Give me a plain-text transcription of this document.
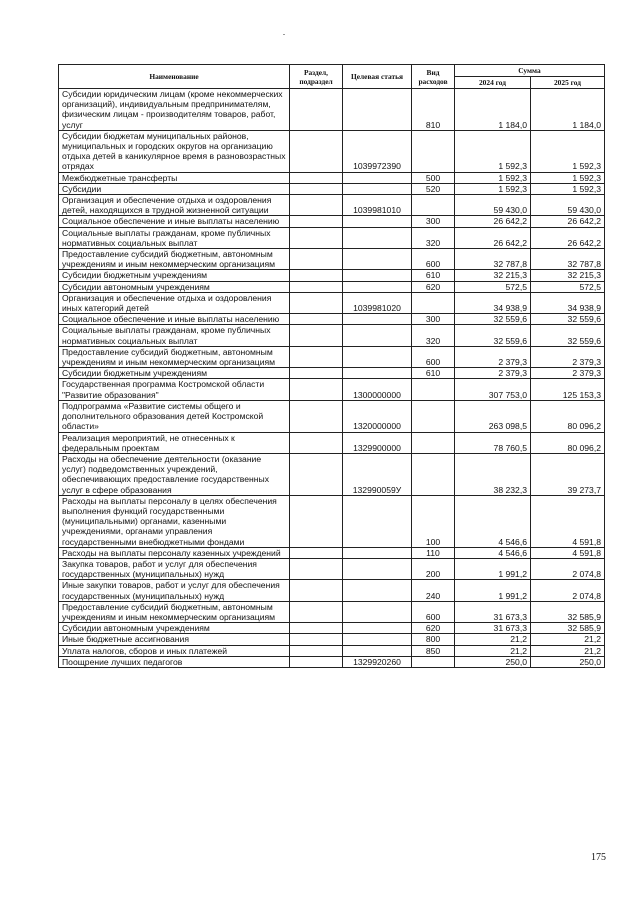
Наименование	Раздел, подраздел	Целевая статья	Вид расходов	Сумма	
				2024 год	2025 год
Субсидии юридическим лицам (кроме некоммерческих организаций), индивидуальным предпринимателям, физическим лицам - производителям товаров, работ, услуг			810	1 184,0	1 184,0
Субсидии бюджетам муниципальных районов, муниципальных и городских округов на организацию отдыха детей в каникулярное время в разновозрастных отрядах		1039972390		1 592,3	1 592,3
Межбюджетные трансферты			500	1 592,3	1 592,3
Субсидии			520	1 592,3	1 592,3
Организация и обеспечение отдыха и оздоровления детей, находящихся в трудной жизненной ситуации		1039981010		59 430,0	59 430,0
Социальное обеспечение и иные выплаты населению			300	26 642,2	26 642,2
Социальные выплаты гражданам, кроме публичных нормативных социальных выплат			320	26 642,2	26 642,2
Предоставление субсидий бюджетным, автономным учреждениям и иным некоммерческим организациям			600	32 787,8	32 787,8
Субсидии бюджетным учреждениям			610	32 215,3	32 215,3
Субсидии автономным учреждениям			620	572,5	572,5
Организация и обеспечение отдыха и оздоровления иных категорий детей		1039981020		34 938,9	34 938,9
Социальное обеспечение и иные выплаты населению			300	32 559,6	32 559,6
Социальные выплаты гражданам, кроме публичных нормативных социальных выплат			320	32 559,6	32 559,6
Предоставление субсидий бюджетным, автономным учреждениям и иным некоммерческим организациям			600	2 379,3	2 379,3
Субсидии бюджетным учреждениям			610	2 379,3	2 379,3
Государственная программа Костромской области "Развитие образования"		1300000000		307 753,0	125 153,3
Подпрограмма «Развитие системы общего и дополнительного образования детей Костромской области»		1320000000		263 098,5	80 096,2
Реализация мероприятий, не отнесенных к федеральным проектам		1329900000		78 760,5	80 096,2
Расходы на обеспечение деятельности (оказание услуг) подведомственных учреждений, обеспечивающих предоставление государственных услуг в сфере образования		132990059У		38 232,3	39 273,7
Расходы на выплаты персоналу в целях обеспечения выполнения функций государственными (муниципальными) органами, казенными учреждениями, органами управления государственными внебюджетными фондами			100	4 546,6	4 591,8
Расходы на выплаты персоналу казенных учреждений			110	4 546,6	4 591,8
Закупка товаров, работ и услуг для обеспечения государственных (муниципальных) нужд			200	1 991,2	2 074,8
Иные закупки товаров, работ и услуг для обеспечения государственных (муниципальных) нужд			240	1 991,2	2 074,8
Предоставление субсидий бюджетным, автономным учреждениям и иным некоммерческим организациям			600	31 673,3	32 585,9
Субсидии автономным учреждениям			620	31 673,3	32 585,9
Иные бюджетные ассигнования			800	21,2	21,2
Уплата налогов, сборов и иных платежей			850	21,2	21,2
Поощрение лучших педагогов		1329920260		250,0	250,0
175
